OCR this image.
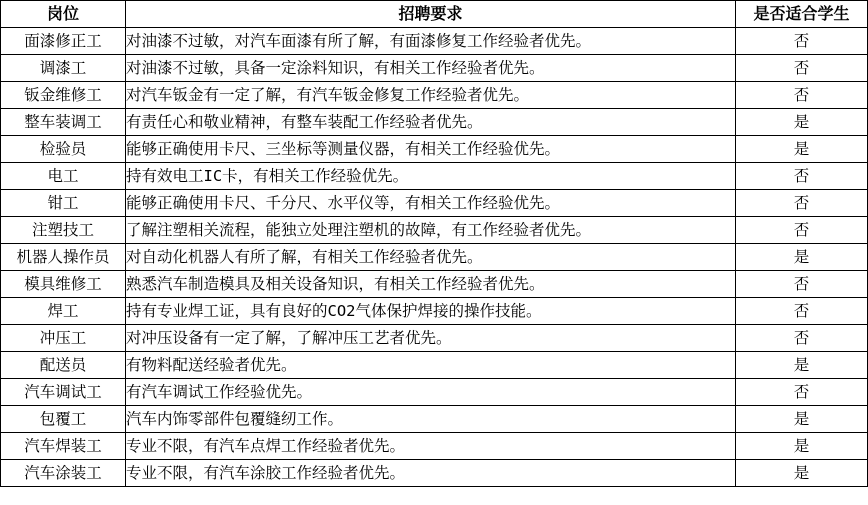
岗位	招聘要求	是否适合学生
面漆修正工	对油漆不过敏，对汽车面漆有所了解，有面漆修复工作经验者优先。	否
调漆工	对油漆不过敏，具备一定涂料知识，有相关工作经验者优先。	否
钣金维修工	对汽车钣金有一定了解，有汽车钣金修复工作经验者优先。	否
整车装调工	有责任心和敬业精神，有整车装配工作经验者优先。	是
检验员	能够正确使用卡尺、三坐标等测量仪器，有相关工作经验优先。	是
电工	持有效电工IC卡，有相关工作经验优先。	否
钳工	能够正确使用卡尺、千分尺、水平仪等，有相关工作经验优先。	否
注塑技工	了解注塑相关流程，能独立处理注塑机的故障，有工作经验者优先。	否
机器人操作员	对自动化机器人有所了解，有相关工作经验者优先。	是
模具维修工	熟悉汽车制造模具及相关设备知识，有相关工作经验者优先。	否
焊工	持有专业焊工证，具有良好的CO2气体保护焊接的操作技能。	否
冲压工	对冲压设备有一定了解，了解冲压工艺者优先。	否
配送员	有物料配送经验者优先。	是
汽车调试工	有汽车调试工作经验优先。	否
包覆工	汽车内饰零部件包覆缝纫工作。	是
汽车焊装工	专业不限，有汽车点焊工作经验者优先。	是
汽车涂装工	专业不限，有汽车涂胶工作经验者优先。	是
